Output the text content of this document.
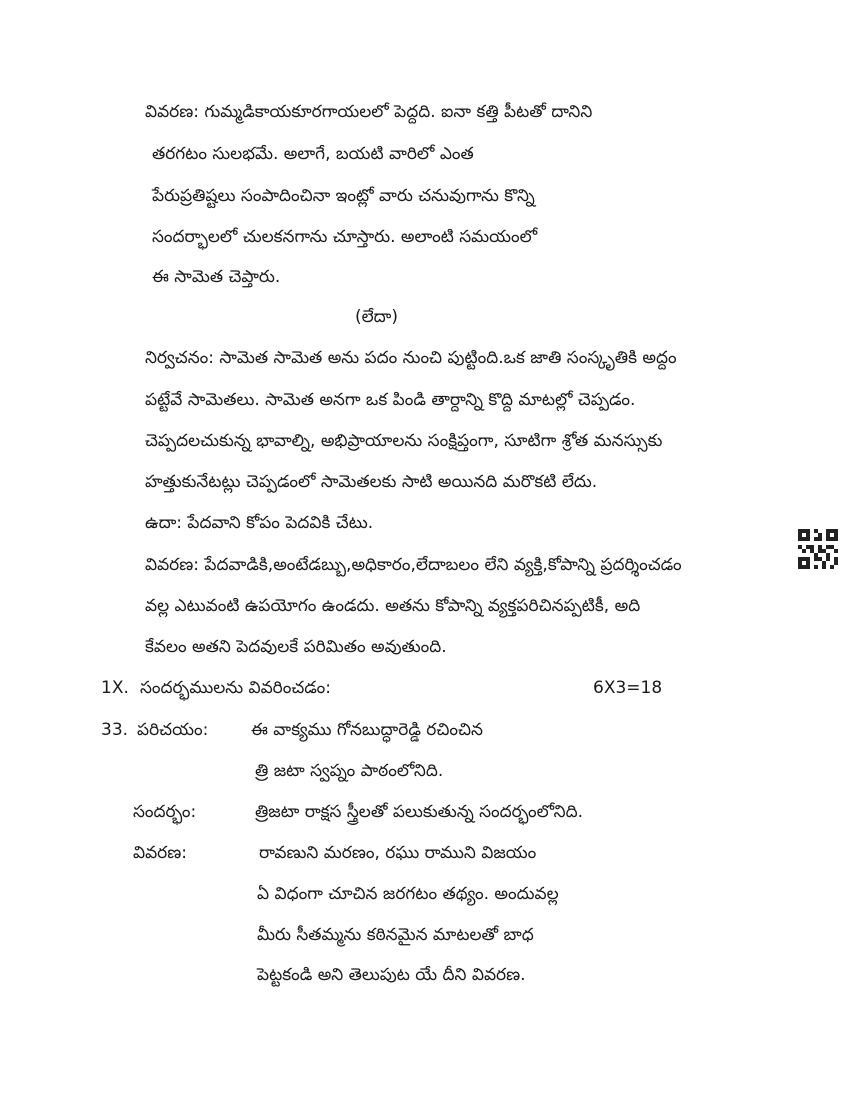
వివరణ: గుమ్మడికాయకూరగాయలలో పెద్దది. ఐనా కత్తి పీటతో దానిని
తరగటం సులభమే. అలాగే, బయటి వారిలో ఎంత
పేరుప్రతిష్టలు సంపాదించినా ఇంట్లో వారు చనువుగాను కొన్ని
సందర్భాలలో చులకనగాను చూస్తారు. అలాంటి సమయంలో
ఈ సామెత చెప్తారు.
(లేదా)
నిర్వచనం: సామెత సామెత అను పదం నుంచి పుట్టింది.ఒక జాతి సంస్కృతికి అద్దం
పట్టేవే సామెతలు. సామెత అనగా ఒక పిండి తార్దాన్ని కొద్ది మాటల్లో చెప్పడం.
చెప్పదలచుకున్న భావాల్ని, అభిప్రాయాలను సంక్షిప్తంగా, సూటిగా శ్రోత మనస్సుకు
హత్తుకునేటట్లు చెప్పడంలో సామెతలకు సాటి అయినది మరొకటి లేదు.
ఉదా: పేదవాని కోపం పెదవికి చేటు.
వివరణ: పేదవాడికి,అంటేడబ్బు,అధికారం,లేదాబలం లేని వ్యక్తి,కోపాన్ని ప్రదర్శించడం
వల్ల ఎటువంటి ఉపయోగం ఉండదు. అతను కోపాన్ని వ్యక్తపరిచినప్పటికీ, అది
కేవలం అతని పెదవులకే పరిమితం అవుతుంది.
1X. సందర్భములను వివరించడం:	6X3=18
33. పరిచయం:	ఈ వాక్యము గోనబుద్ధారెడ్డి రచించిన
త్రి జటా స్వప్నం పాఠంలోనిది.
సందర్భం:	త్రిజటా రాక్షస స్త్రీలతో పలుకుతున్న సందర్భంలోనిది.
వివరణ:	రావణుని మరణం, రఘు రాముని విజయం
ఏ విధంగా చూచిన జరగటం తథ్యం. అందువల్ల
మీరు సీతమ్మను కఠినమైన మాటలతో బాధ
పెట్టకండి అని తెలుపుట యే దీని వివరణ.
